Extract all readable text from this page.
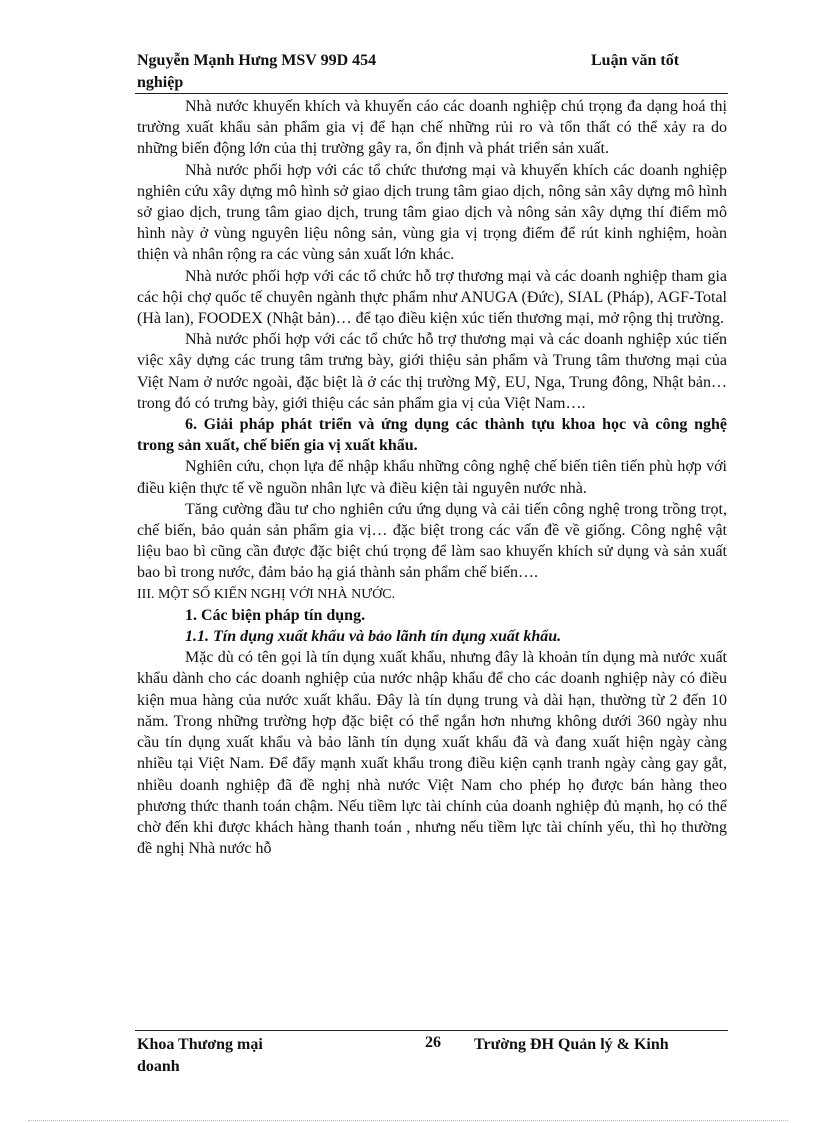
Nguyễn Mạnh Hưng MSV 99D 454	Luận văn tốt
nghiệp

Nhà nước khuyến khích và khuyến cáo các doanh nghiệp chú trọng đa dạng hoá thị trường xuất khẩu sản phẩm gia vị để hạn chế những rủi ro và tổn thất có thể xảy ra do những biến động lớn của thị trường gây ra, ổn định và phát triển sản xuất.

Nhà nước phối hợp với các tổ chức thương mại và khuyến khích các doanh nghiệp nghiên cứu xây dựng mô hình sở giao dịch trung tâm giao dịch, nông sản xây dựng mô hình sở giao dịch, trung tâm giao dịch, trung tâm giao dịch và nông sản xây dựng thí điểm mô hình này ở vùng nguyên liệu nông sản, vùng gia vị trọng điểm để rút kinh nghiệm, hoàn thiện và nhân rộng ra các vùng sản xuất lớn khác.

Nhà nước phối hợp với các tổ chức hỗ trợ thương mại và các doanh nghiệp tham gia các hội chợ quốc tế chuyên ngành thực phẩm như ANUGA (Đức), SIAL (Pháp), AGF-Total (Hà lan), FOODEX (Nhật bản)… để tạo điều kiện xúc tiến thương mại, mở rộng thị trường.

Nhà nước phối hợp với các tổ chức hỗ trợ thương mại và các doanh nghiệp xúc tiến việc xây dựng các trung tâm trưng bày, giới thiệu sản phẩm và Trung tâm thương mại của Việt Nam ở nước ngoài, đặc biệt là ở các thị trường Mỹ, EU, Nga, Trung đông, Nhật bản… trong đó có trưng bày, giới thiệu các sản phẩm gia vị của Việt Nam….

6. Giải pháp phát triển và ứng dụng các thành tựu khoa học và công nghệ trong sản xuất, chế biến gia vị xuất khẩu.

Nghiên cứu, chọn lựa để nhập khẩu những công nghệ chế biến tiên tiến phù hợp với điều kiện thực tế về nguồn nhân lực và điều kiện tài nguyên nước nhà.

Tăng cường đầu tư cho nghiên cứu ứng dụng và cải tiến công nghệ trong trồng trọt, chế biến, bảo quản sản phẩm gia vị… đặc biệt trong các vấn đề về giống. Công nghệ vật liệu bao bì cũng cần được đặc biệt chú trọng để làm sao khuyến khích sử dụng và sản xuất bao bì trong nước, đảm bảo hạ giá thành sản phẩm chế biến….

III. MỘT SỐ KIẾN NGHỊ VỚI NHÀ NƯỚC.

1. Các biện pháp tín dụng.

1.1. Tín dụng xuất khẩu và bảo lãnh tín dụng xuất khẩu.

Mặc dù có tên gọi là tín dụng xuất khẩu, nhưng đây là khoản tín dụng mà nước xuất khẩu dành cho các doanh nghiệp của nước nhập khẩu để cho các doanh nghiệp này có điều kiện mua hàng của nước xuất khẩu. Đây là tín dụng trung và dài hạn, thường từ 2 đến 10 năm. Trong những trường hợp đặc biệt có thể ngắn hơn nhưng không dưới 360 ngày nhu cầu tín dụng xuất khẩu và bảo lãnh tín dụng xuất khẩu đã và đang xuất hiện ngày càng nhiều tại Việt Nam. Để đẩy mạnh xuất khẩu trong điều kiện cạnh tranh ngày càng gay gắt, nhiều doanh nghiệp đã đề nghị nhà nước Việt Nam cho phép họ được bán hàng theo phương thức thanh toán chậm. Nếu tiềm lực tài chính của doanh nghiệp đủ mạnh, họ có thể chờ đến khi được khách hàng thanh toán , nhưng nếu tiềm lực tài chính yếu, thì họ thường đề nghị Nhà nước hỗ

Khoa Thương mại	26 Trường ĐH Quản lý & Kinh
doanh
